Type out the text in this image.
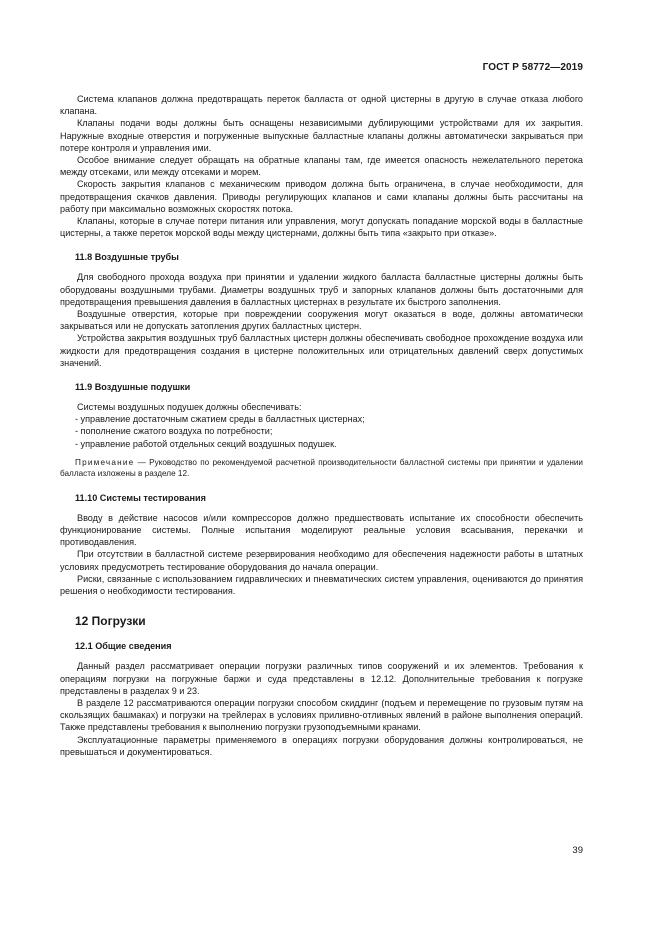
ГОСТ Р 58772—2019

Система клапанов должна предотвращать переток балласта от одной цистерны в другую в случае отказа любого клапана.

Клапаны подачи воды должны быть оснащены независимыми дублирующими устройствами для их закрытия. Наружные входные отверстия и погруженные выпускные балластные клапаны должны автоматически закрываться при потере контроля и управления ими.

Особое внимание следует обращать на обратные клапаны там, где имеется опасность нежелательного перетока между отсеками, или между отсеками и морем.

Скорость закрытия клапанов с механическим приводом должна быть ограничена, в случае необходимости, для предотвращения скачков давления. Приводы регулирующих клапанов и сами клапаны должны быть рассчитаны на работу при максимально возможных скоростях потока.

Клапаны, которые в случае потери питания или управления, могут допускать попадание морской воды в балластные цистерны, а также переток морской воды между цистернами, должны быть типа «закрыто при отказе».

11.8 Воздушные трубы

Для свободного прохода воздуха при принятии и удалении жидкого балласта балластные цистерны должны быть оборудованы воздушными трубами. Диаметры воздушных труб и запорных клапанов должны быть достаточными для предотвращения превышения давления в балластных цистернах в результате их быстрого заполнения.

Воздушные отверстия, которые при повреждении сооружения могут оказаться в воде, должны автоматически закрываться или не допускать затопления других балластных цистерн.

Устройства закрытия воздушных труб балластных цистерн должны обеспечивать свободное прохождение воздуха или жидкости для предотвращения создания в цистерне положительных или отрицательных давлений сверх допустимых значений.

11.9 Воздушные подушки

Системы воздушных подушек должны обеспечивать:

- управление достаточным сжатием среды в балластных цистернах;

- пополнение сжатого воздуха по потребности;

- управление работой отдельных секций воздушных подушек.

Примечание — Руководство по рекомендуемой расчетной производительности балластной системы при принятии и удалении балласта изложены в разделе 12.

11.10 Системы тестирования

Вводу в действие насосов и/или компрессоров должно предшествовать испытание их способности обеспечить функционирование системы. Полные испытания моделируют реальные условия всасывания, перекачки и противодавления.

При отсутствии в балластной системе резервирования необходимо для обеспечения надежности работы в штатных условиях предусмотреть тестирование оборудования до начала операции.

Риски, связанные с использованием гидравлических и пневматических систем управления, оцениваются до принятия решения о необходимости тестирования.

12 Погрузки
12.1 Общие сведения

Данный раздел рассматривает операции погрузки различных типов сооружений и их элементов. Требования к операциям погрузки на погружные баржи и суда представлены в 12.12. Дополнительные требования к погрузке представлены в разделах 9 и 23.

В разделе 12 рассматриваются операции погрузки способом скиддинг (подъем и перемещение по грузовым путям на скользящих башмаках) и погрузки на трейлерах в условиях приливно-отливных явлений в районе выполнения операций. Также представлены требования к выполнению погрузки грузоподъемными кранами.

Эксплуатационные параметры применяемого в операциях погрузки оборудования должны контролироваться, не превышаться и документироваться.

39
